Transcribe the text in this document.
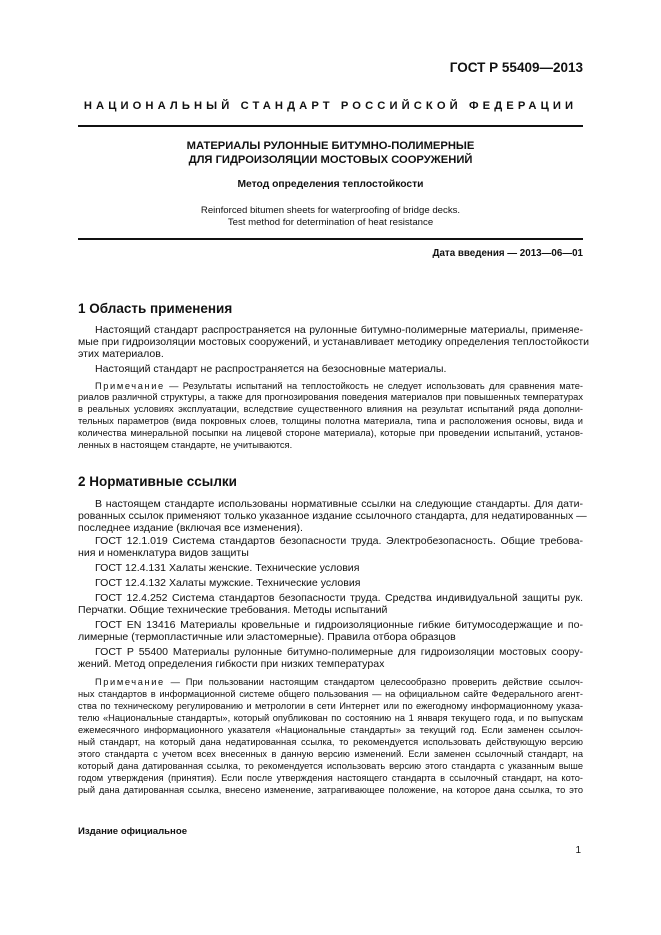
ГОСТ Р 55409—2013
НАЦИОНАЛЬНЫЙ СТАНДАРТ РОССИЙСКОЙ ФЕДЕРАЦИИ
МАТЕРИАЛЫ РУЛОННЫЕ БИТУМНО-ПОЛИМЕРНЫЕ
ДЛЯ ГИДРОИЗОЛЯЦИИ МОСТОВЫХ СООРУЖЕНИЙ
Метод определения теплостойкости
Reinforced bitumen sheets for waterproofing of bridge decks.
Test method for determination of heat resistance
Дата введения — 2013—06—01
1 Область применения
Настоящий стандарт распространяется на рулонные битумно-полимерные материалы, применяе-
мые при гидроизоляции мостовых сооружений, и устанавливает методику определения теплостойкости
этих материалов.
Настоящий стандарт не распространяется на безосновные материалы.
Примечание — Результаты испытаний на теплостойкость не следует использовать для сравнения мате-
риалов различной структуры, а также для прогнозирования поведения материалов при повышенных температурах
в реальных условиях эксплуатации, вследствие существенного влияния на результат испытаний ряда дополни-
тельных параметров (вида покровных слоев, толщины полотна материала, типа и расположения основы, вида и
количества минеральной посыпки на лицевой стороне материала), которые при проведении испытаний, установ-
ленных в настоящем стандарте, не учитываются.
2 Нормативные ссылки
В настоящем стандарте использованы нормативные ссылки на следующие стандарты. Для дати-
рованных ссылок применяют только указанное издание ссылочного стандарта, для недатированных —
последнее издание (включая все изменения).
ГОСТ 12.1.019 Система стандартов безопасности труда. Электробезопасность. Общие требова-
ния и номенклатура видов защиты
ГОСТ 12.4.131 Халаты женские. Технические условия
ГОСТ 12.4.132 Халаты мужские. Технические условия
ГОСТ 12.4.252 Система стандартов безопасности труда. Средства индивидуальной защиты рук.
Перчатки. Общие технические требования. Методы испытаний
ГОСТ EN 13416 Материалы кровельные и гидроизоляционные гибкие битумосодержащие и по-
лимерные (термопластичные или эластомерные). Правила отбора образцов
ГОСТ Р 55400 Материалы рулонные битумно-полимерные для гидроизоляции мостовых соору-
жений. Метод определения гибкости при низких температурах
Примечание — При пользовании настоящим стандартом целесообразно проверить действие ссылоч-
ных стандартов в информационной системе общего пользования — на официальном сайте Федерального агент-
ства по техническому регулированию и метрологии в сети Интернет или по ежегодному информационному указа-
телю «Национальные стандарты», который опубликован по состоянию на 1 января текущего года, и по выпускам
ежемесячного информационного указателя «Национальные стандарты» за текущий год. Если заменен ссылоч-
ный стандарт, на который дана недатированная ссылка, то рекомендуется использовать действующую версию
этого стандарта с учетом всех внесенных в данную версию изменений. Если заменен ссылочный стандарт, на
который дана датированная ссылка, то рекомендуется использовать версию этого стандарта с указанным выше
годом утверждения (принятия). Если после утверждения настоящего стандарта в ссылочный стандарт, на кото-
рый дана датированная ссылка, внесено изменение, затрагивающее положение, на которое дана ссылка, то это
Издание официальное
1
